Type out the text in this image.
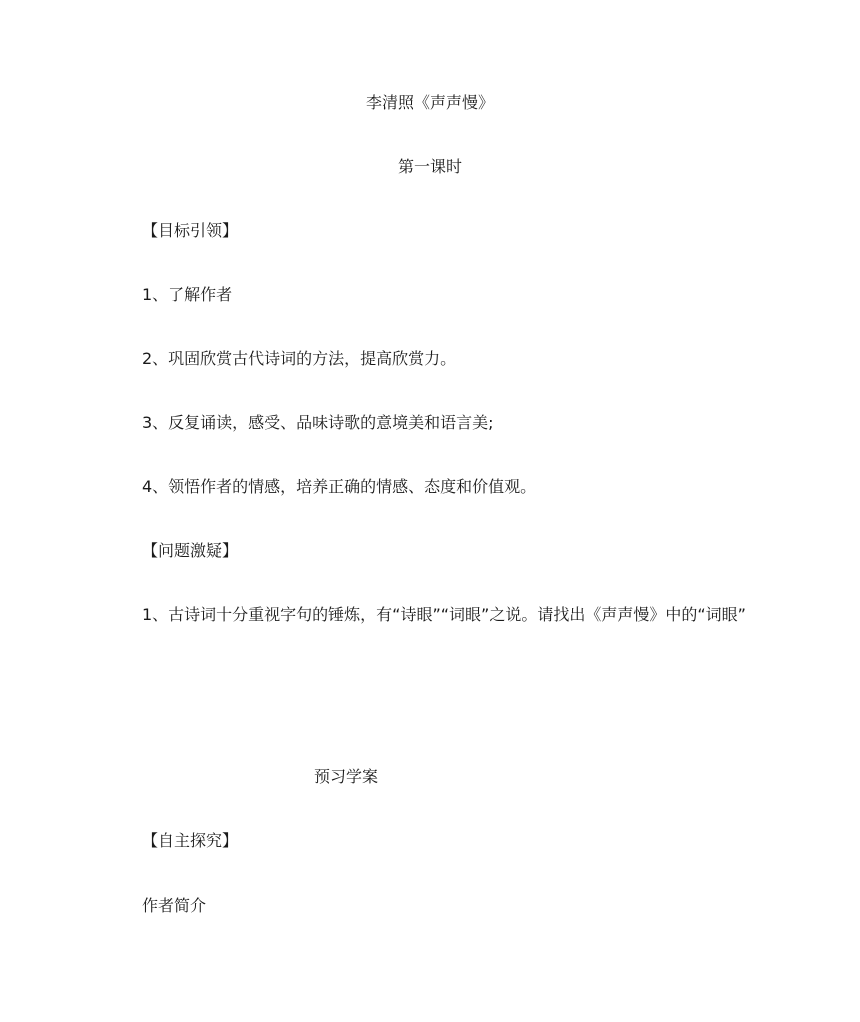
李清照《声声慢》
第一课时
【目标引领】
1、了解作者
2、巩固欣赏古代诗词的方法，提高欣赏力。
3、反复诵读，感受、品味诗歌的意境美和语言美;
4、领悟作者的情感，培养正确的情感、态度和价值观。
【问题激疑】
1、古诗词十分重视字句的锤炼，有“诗眼”“词眼”之说。请找出《声声慢》中的“词眼”
预习学案
【自主探究】
作者简介
